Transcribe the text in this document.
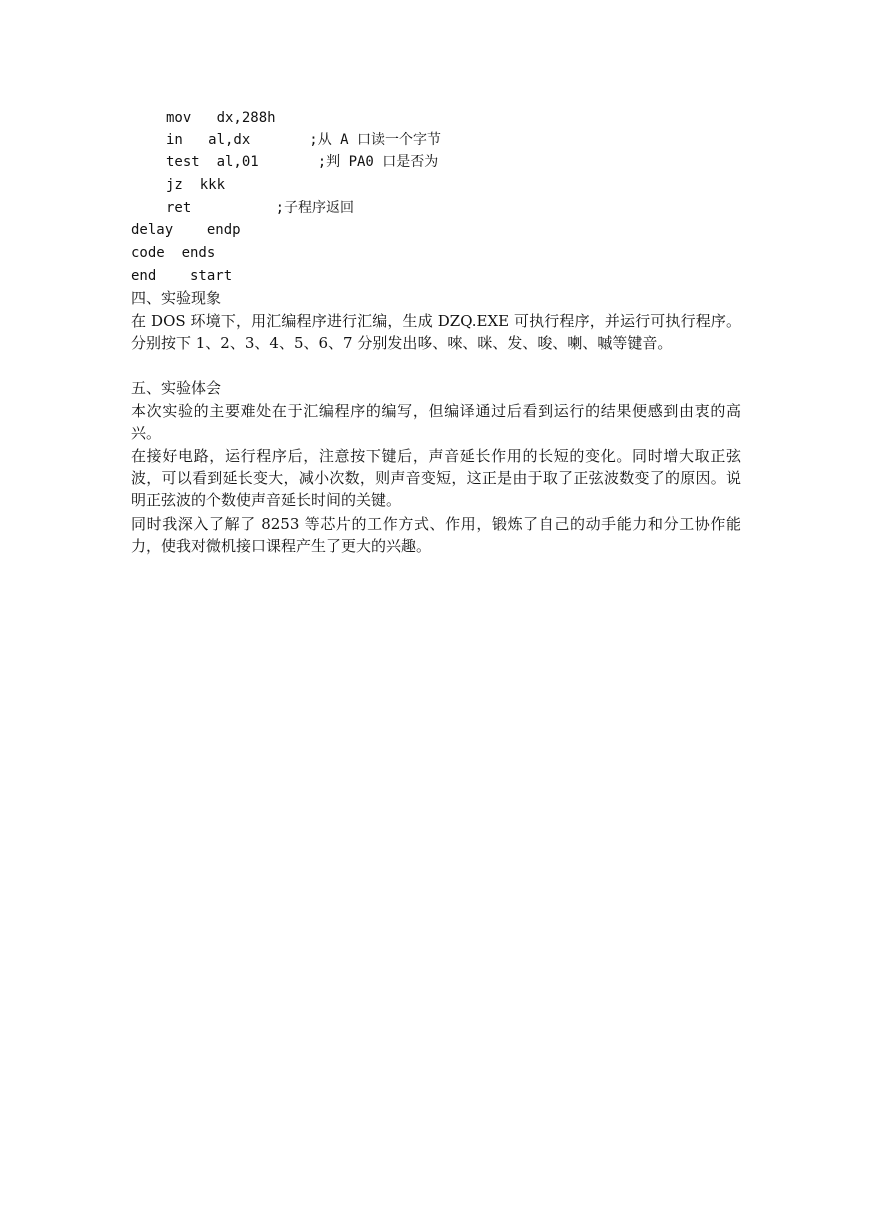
mov   dx,288h
in   al,dx       ;从 A 口读一个字节
test  al,01       ;判 PA0 口是否为
jz  kkk
ret          ;子程序返回
delay    endp
code  ends
end    start
四、实验现象
在 DOS 环境下，用汇编程序进行汇编，生成 DZQ.EXE 可执行程序，并运行可执行程序。分别按下 1、2、3、4、5、6、7 分别发出哆、唻、咪、发、唆、喇、嘁等键音。
五、实验体会
本次实验的主要难处在于汇编程序的编写，但编译通过后看到运行的结果便感到由衷的高兴。
在接好电路，运行程序后，注意按下键后，声音延长作用的长短的变化。同时增大取正弦波，可以看到延长变大，减小次数，则声音变短，这正是由于取了正弦波数变了的原因。说明正弦波的个数使声音延长时间的关键。
同时我深入了解了 8253 等芯片的工作方式、作用，锻炼了自己的动手能力和分工协作能力，使我对微机接口课程产生了更大的兴趣。
